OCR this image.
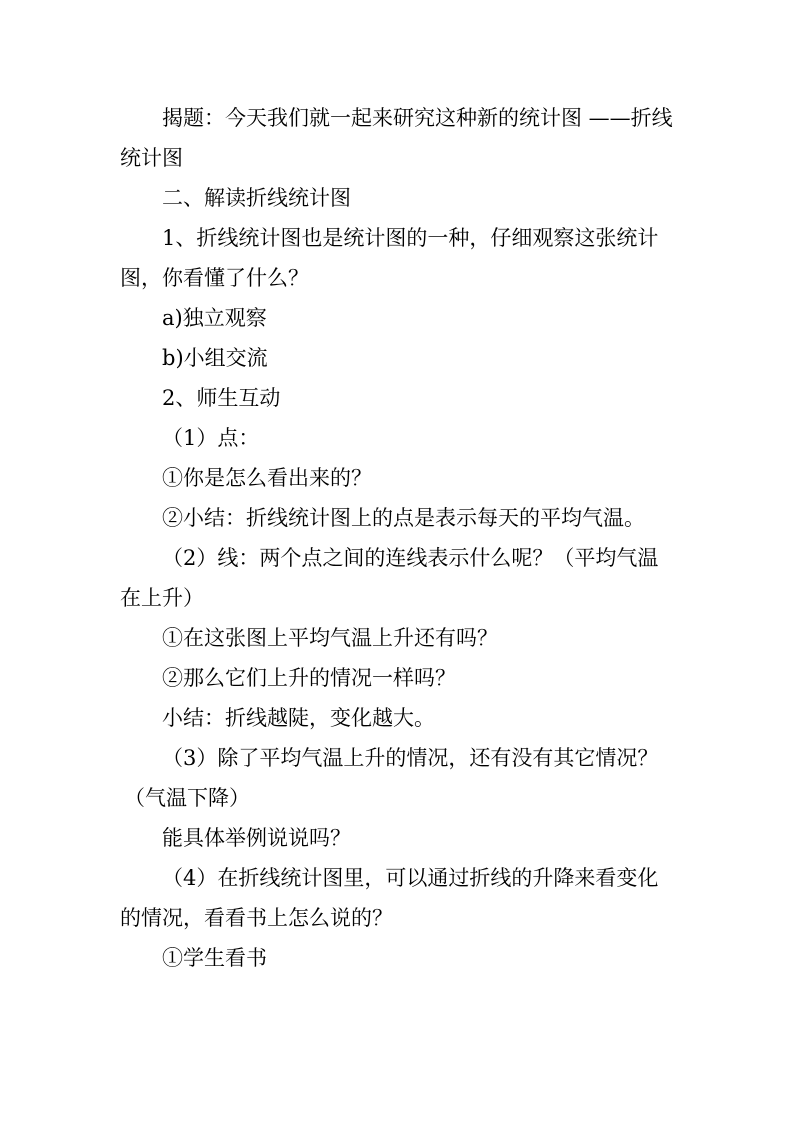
揭题：今天我们就一起来研究这种新的统计图 ——折线
统计图
二、解读折线统计图
1、折线统计图也是统计图的一种，仔细观察这张统计
图，你看懂了什么？
a)独立观察
b)小组交流
2、师生互动
（1）点：
①你是怎么看出来的？
②小结：折线统计图上的点是表示每天的平均气温。
（2）线：两个点之间的连线表示什么呢？（平均气温
在上升）
①在这张图上平均气温上升还有吗？
②那么它们上升的情况一样吗？
小结：折线越陡，变化越大。
（3）除了平均气温上升的情况，还有没有其它情况？
（气温下降）
能具体举例说说吗？
（4）在折线统计图里，可以通过折线的升降来看变化
的情况，看看书上怎么说的？
①学生看书
